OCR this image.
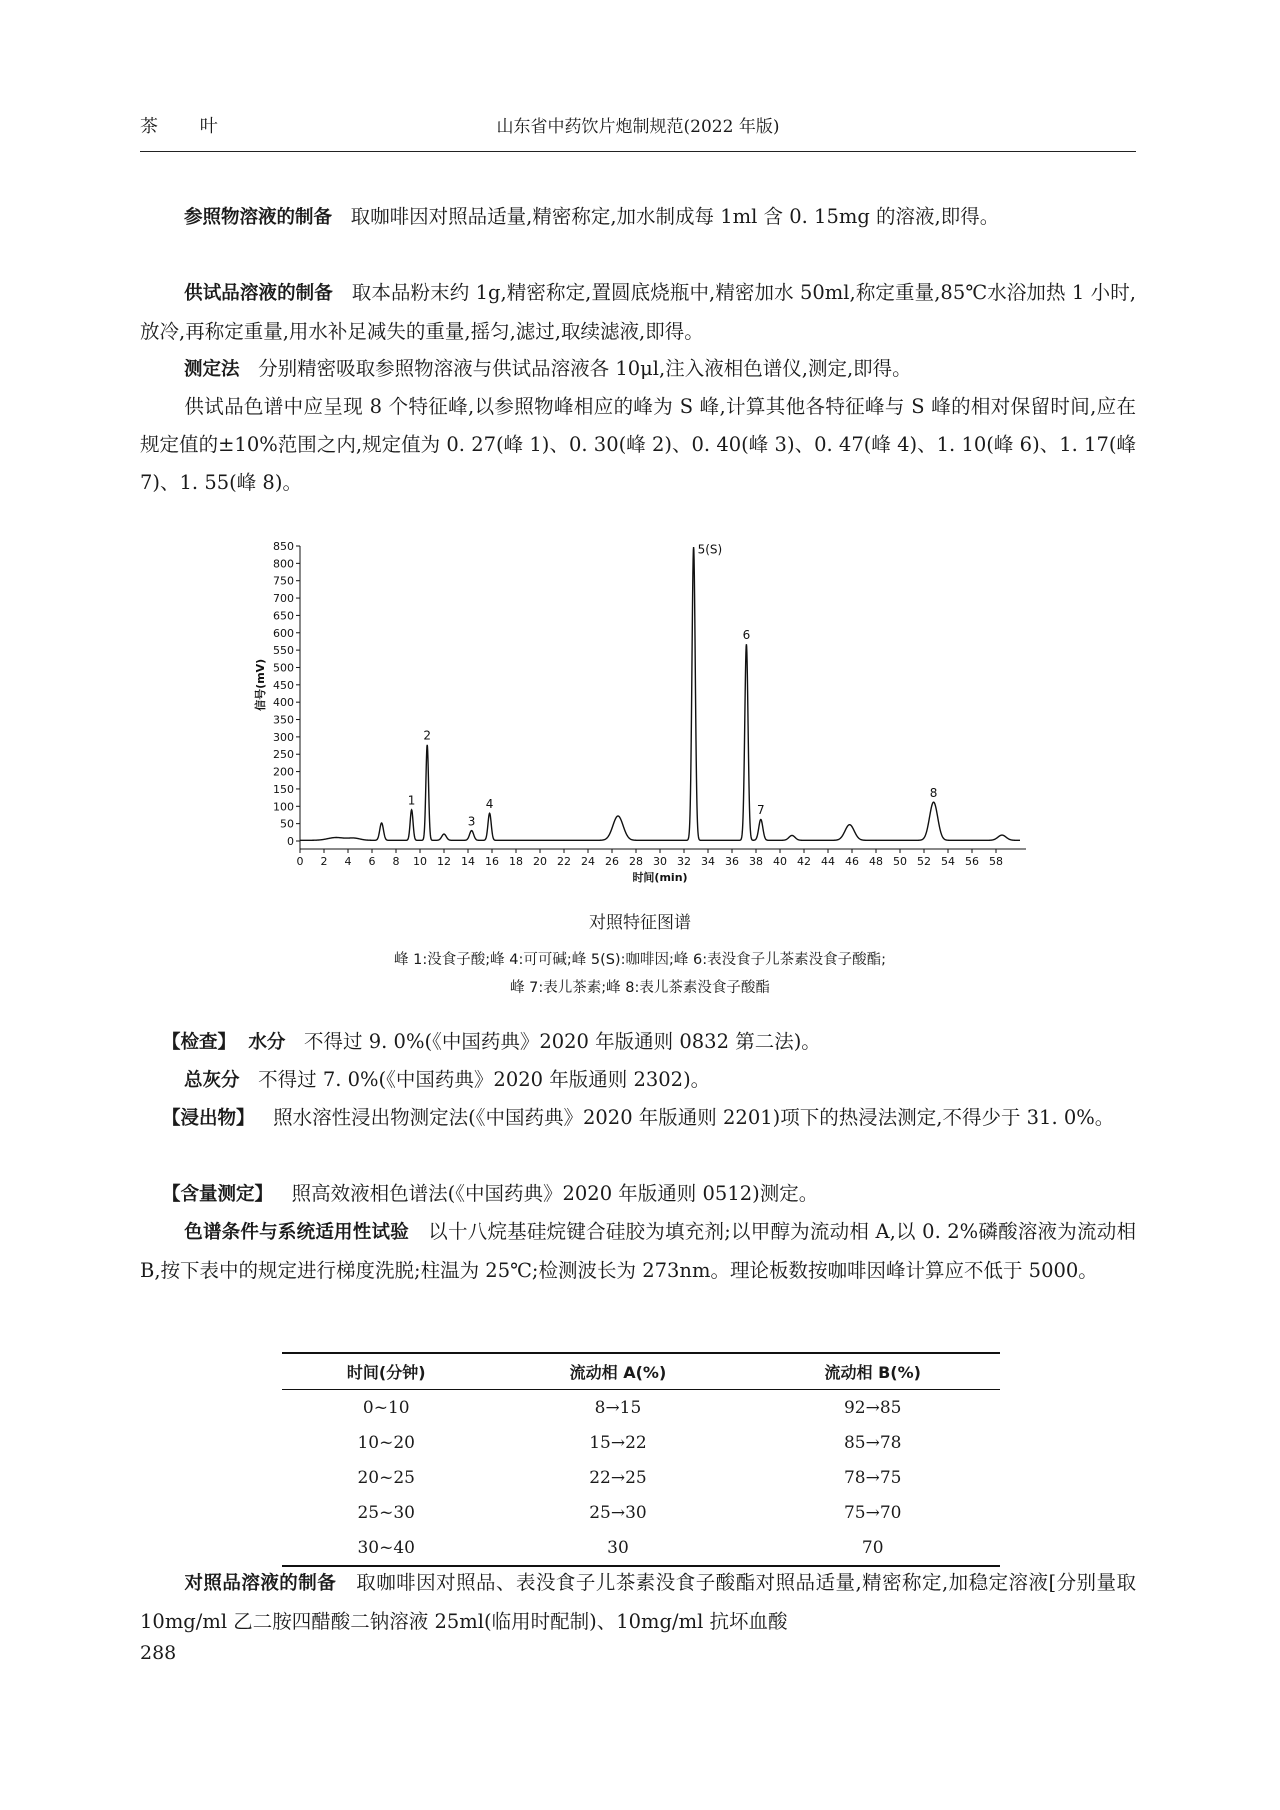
茶 叶	山东省中药饮片炮制规范(2022 年版)

参照物溶液的制备 取咖啡因对照品适量,精密称定,加水制成每 1ml 含 0. 15mg 的溶液,即得。

供试品溶液的制备 取本品粉末约 1g,精密称定,置圆底烧瓶中,精密加水 50ml,称定重量,85℃水浴加热 1 小时,放冷,再称定重量,用水补足减失的重量,摇匀,滤过,取续滤液,即得。

测定法 分别精密吸取参照物溶液与供试品溶液各 10μl,注入液相色谱仪,测定,即得。

供试品色谱中应呈现 8 个特征峰,以参照物峰相应的峰为 S 峰,计算其他各特征峰与 S 峰的相对保留时间,应在规定值的±10%范围之内,规定值为 0. 27(峰 1)、0. 30(峰 2)、0. 40(峰 3)、0. 47(峰 4)、1. 10(峰 6)、1. 17(峰 7)、1. 55(峰 8)。

0
50
100
150
200
250
300
350
400
450
500
550
600
650
700
750
800
850
0 2 4 6 8 10 12 14 16 18 20 22 24 26 28 30 32 34 36 38 40 42 44 46 48 50 52 54 56 58
时间(min)
信号(mV)
1
2
3
4
5(S)
6
7
8
对照特征图谱
峰 1:没食子酸;峰 4:可可碱;峰 5(S):咖啡因;峰 6:表没食子儿茶素没食子酸酯;
峰 7:表儿茶素;峰 8:表儿茶素没食子酸酯

【检查】 水分 不得过 9. 0%(《中国药典》2020 年版通则 0832 第二法)。

总灰分 不得过 7. 0%(《中国药典》2020 年版通则 2302)。

【浸出物】 照水溶性浸出物测定法(《中国药典》2020 年版通则 2201)项下的热浸法测定,不得少于 31. 0%。

【含量测定】 照高效液相色谱法(《中国药典》2020 年版通则 0512)测定。

色谱条件与系统适用性试验 以十八烷基硅烷键合硅胶为填充剂;以甲醇为流动相 A,以 0. 2%磷酸溶液为流动相 B,按下表中的规定进行梯度洗脱;柱温为 25℃;检测波长为 273nm。理论板数按咖啡因峰计算应不低于 5000。

时间(分钟)	流动相 A(%)	流动相 B(%)
0~10	8→15	92→85
10~20	15→22	85→78
20~25	22→25	78→75
25~30	25→30	75→70
30~40	30	70

对照品溶液的制备 取咖啡因对照品、表没食子儿茶素没食子酸酯对照品适量,精密称定,加稳定溶液[分别量取 10mg/ml 乙二胺四醋酸二钠溶液 25ml(临用时配制)、10mg/ml 抗坏血酸

288
